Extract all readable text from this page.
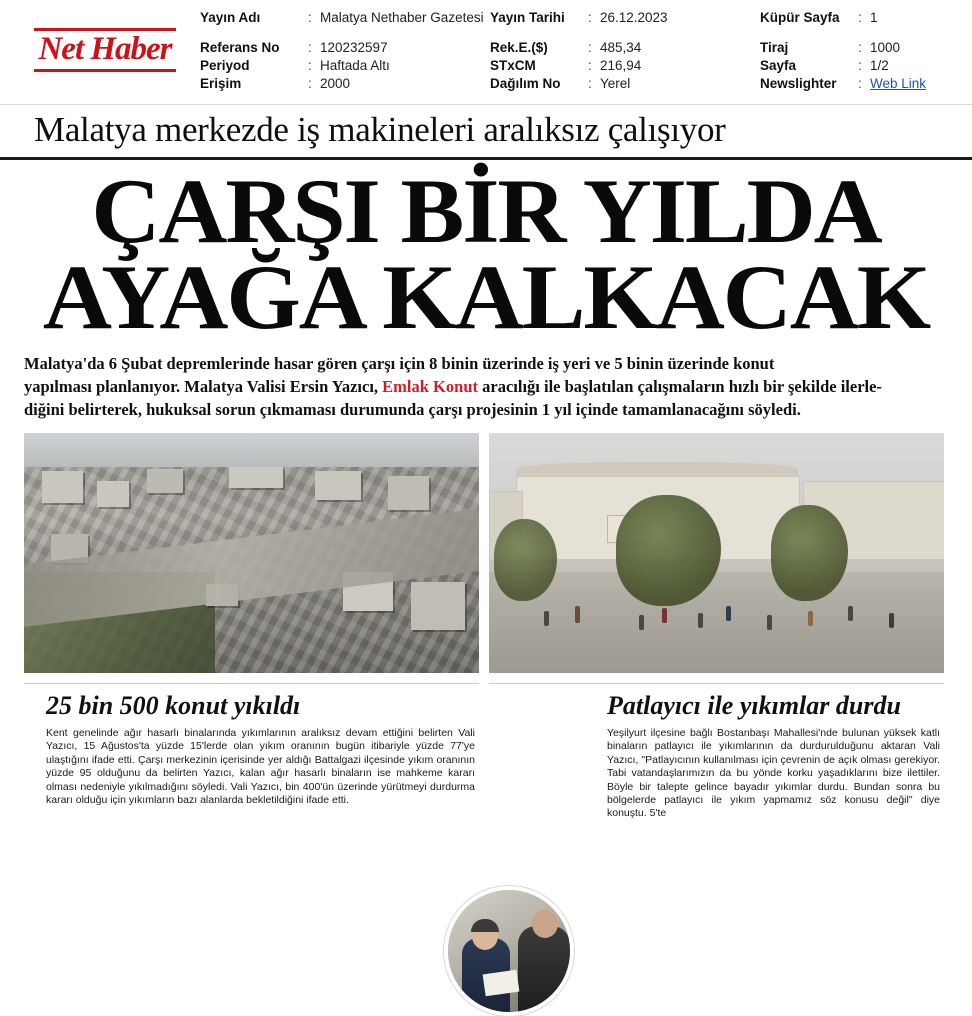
Net Haber
Yayın Adı	: Malatya Nethaber Gazetesi
Referans No	: 120232597
Periyod	: Haftada Altı
Erişim	: 2000
Yayın Tarihi	: 26.12.2023
Rek.E.($)	: 485,34
STxCM	: 216,94
Dağılım No	: Yerel
Küpür Sayfa	: 1
Tiraj	: 1000
Sayfa	: 1/2
Newslighter	: Web Link
Malatya merkezde iş makineleri aralıksız çalışıyor
ÇARŞI BİR YILDA
AYAĞA KALKACAK
Malatya'da 6 Şubat depremlerinde hasar gören çarşı için 8 binin üzerinde iş yeri ve 5 binin üzerinde konut
yapılması planlanıyor. Malatya Valisi Ersin Yazıcı, Emlak Konut aracılığı ile başlatılan çalışmaların hızlı bir şekilde ilerle-
diğini belirterek, hukuksal sorun çıkmaması durumunda çarşı projesinin 1 yıl içinde tamamlanacağını söyledi.
25 bin 500 konut yıkıldı
Kent genelinde ağır hasarlı binalarında yıkımlarının aralıksız devam ettiğini belirten Vali Yazıcı, 15 Ağustos'ta yüzde 15'lerde olan yıkım oranının bugün itibariyle yüzde 77'ye ulaştığını ifade etti. Çarşı merkezinin içerisinde yer aldığı Battalgazi ilçesinde yıkım oranının yüzde 95 olduğunu da belirten Yazıcı, kalan ağır hasarlı binaların ise mahkeme kararı olması nedeniyle yıkılmadığını söyledi. Vali Yazıcı, bin 400'ün üzerinde yürütmeyi durdurma kararı olduğu için yıkımların bazı alanlarda bekletildiğini ifade etti.
Patlayıcı ile yıkımlar durdu
Yeşilyurt ilçesine bağlı Bostanbaşı Mahallesi'nde bulunan yüksek katlı binaların patlayıcı ile yıkımlarının da durdurulduğunu aktaran Vali Yazıcı, "Patlayıcının kullanılması için çevrenin de açık olması gerekiyor. Tabi vatandaşlarımızın da bu yönde korku yaşadıklarını bize ilettiler. Böyle bir talepte gelince bayadır yıkımlar durdu. Bundan sonra bu bölgelerde patlayıcı ile yıkım yapmamız söz konusu değil" diye konuştu. 5'te
